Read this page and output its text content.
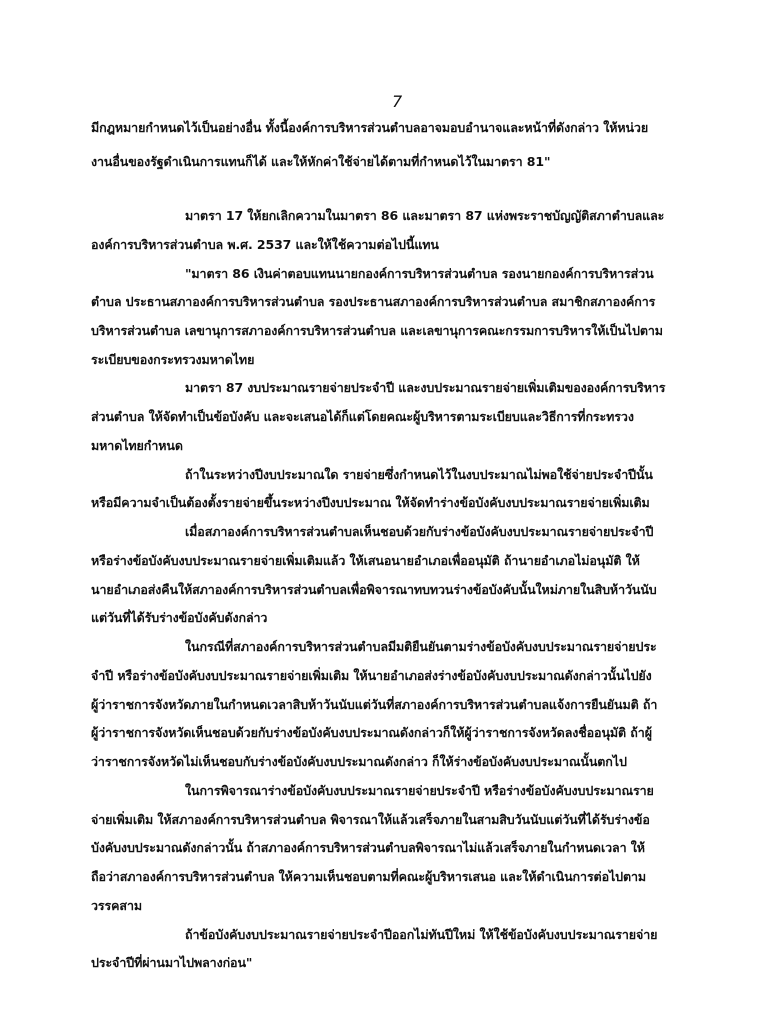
7
มีกฎหมายกำหนดไว้เป็นอย่างอื่น ทั้งนี้องค์การบริหารส่วนตำบลอาจมอบอำนาจและหน้าที่ดังกล่าว ให้หน่วย
งานอื่นของรัฐดำเนินการแทนก็ได้ และให้หักค่าใช้จ่ายได้ตามที่กำหนดไว้ในมาตรา 81"
มาตรา 17 ให้ยกเลิกความในมาตรา 86 และมาตรา 87 แห่งพระราชบัญญัติสภาตำบลและ
องค์การบริหารส่วนตำบล พ.ศ. 2537 และให้ใช้ความต่อไปนี้แทน
"มาตรา 86 เงินค่าตอบแทนนายกองค์การบริหารส่วนตำบล รองนายกองค์การบริหารส่วน
ตำบล ประธานสภาองค์การบริหารส่วนตำบล รองประธานสภาองค์การบริหารส่วนตำบล สมาชิกสภาองค์การ
บริหารส่วนตำบล เลขานุการสภาองค์การบริหารส่วนตำบล และเลขานุการคณะกรรมการบริหารให้เป็นไปตาม
ระเบียบของกระทรวงมหาดไทย
มาตรา 87 งบประมาณรายจ่ายประจำปี และงบประมาณรายจ่ายเพิ่มเติมขององค์การบริหาร
ส่วนตำบล ให้จัดทำเป็นข้อบังคับ และจะเสนอได้ก็แต่โดยคณะผู้บริหารตามระเบียบและวิธีการที่กระทรวง
มหาดไทยกำหนด
ถ้าในระหว่างปีงบประมาณใด รายจ่ายซึ่งกำหนดไว้ในงบประมาณไม่พอใช้จ่ายประจำปีนั้น
หรือมีความจำเป็นต้องตั้งรายจ่ายขึ้นระหว่างปีงบประมาณ ให้จัดทำร่างข้อบังคับงบประมาณรายจ่ายเพิ่มเติม
เมื่อสภาองค์การบริหารส่วนตำบลเห็นชอบด้วยกับร่างข้อบังคับงบประมาณรายจ่ายประจำปี
หรือร่างข้อบังคับงบประมาณรายจ่ายเพิ่มเติมแล้ว ให้เสนอนายอำเภอเพื่ออนุมัติ ถ้านายอำเภอไม่อนุมัติ ให้
นายอำเภอส่งคืนให้สภาองค์การบริหารส่วนตำบลเพื่อพิจารณาทบทวนร่างข้อบังคับนั้นใหม่ภายในสิบห้าวันนับ
แต่วันที่ได้รับร่างข้อบังคับดังกล่าว
ในกรณีที่สภาองค์การบริหารส่วนตำบลมีมติยืนยันตามร่างข้อบังคับงบประมาณรายจ่ายประ
จำปี หรือร่างข้อบังคับงบประมาณรายจ่ายเพิ่มเติม ให้นายอำเภอส่งร่างข้อบังคับงบประมาณดังกล่าวนั้นไปยัง
ผู้ว่าราชการจังหวัดภายในกำหนดเวลาสิบห้าวันนับแต่วันที่สภาองค์การบริหารส่วนตำบลแจ้งการยืนยันมติ ถ้า
ผู้ว่าราชการจังหวัดเห็นชอบด้วยกับร่างข้อบังคับงบประมาณดังกล่าวก็ให้ผู้ว่าราชการจังหวัดลงชื่ออนุมัติ ถ้าผู้
ว่าราชการจังหวัดไม่เห็นชอบกับร่างข้อบังคับงบประมาณดังกล่าว ก็ให้ร่างข้อบังคับงบประมาณนั้นตกไป
ในการพิจารณาร่างข้อบังคับงบประมาณรายจ่ายประจำปี หรือร่างข้อบังคับงบประมาณราย
จ่ายเพิ่มเติม ให้สภาองค์การบริหารส่วนตำบล พิจารณาให้แล้วเสร็จภายในสามสิบวันนับแต่วันที่ได้รับร่างข้อ
บังคับงบประมาณดังกล่าวนั้น ถ้าสภาองค์การบริหารส่วนตำบลพิจารณาไม่แล้วเสร็จภายในกำหนดเวลา ให้
ถือว่าสภาองค์การบริหารส่วนตำบล ให้ความเห็นชอบตามที่คณะผู้บริหารเสนอ และให้ดำเนินการต่อไปตาม
วรรคสาม
ถ้าข้อบังคับงบประมาณรายจ่ายประจำปีออกไม่ทันปีใหม่ ให้ใช้ข้อบังคับงบประมาณรายจ่าย
ประจำปีที่ผ่านมาไปพลางก่อน"
